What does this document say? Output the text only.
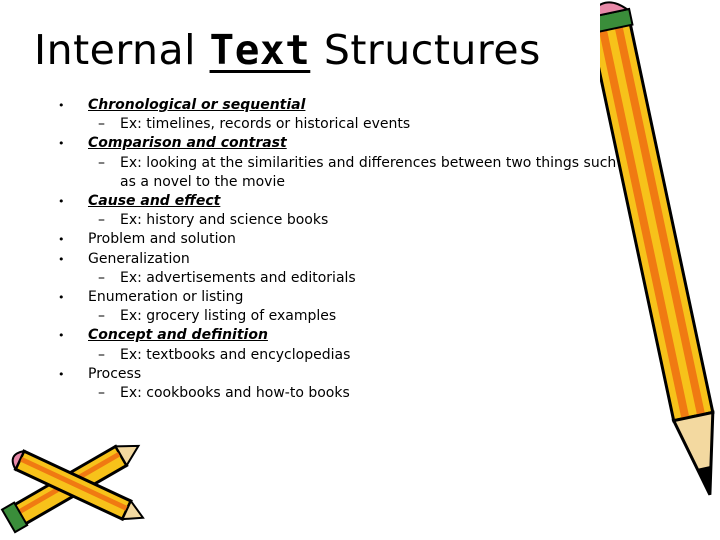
Internal Text Structures
• Chronological or sequential
– Ex: timelines, records or historical events
• Comparison and contrast
– Ex: looking at the similarities and differences between two things such
as a novel to the movie
• Cause and effect
– Ex: history and science books
• Problem and solution
• Generalization
– Ex: advertisements and editorials
• Enumeration or listing
– Ex: grocery listing of examples
• Concept and definition
– Ex: textbooks and encyclopedias
• Process
– Ex: cookbooks and how-to books
